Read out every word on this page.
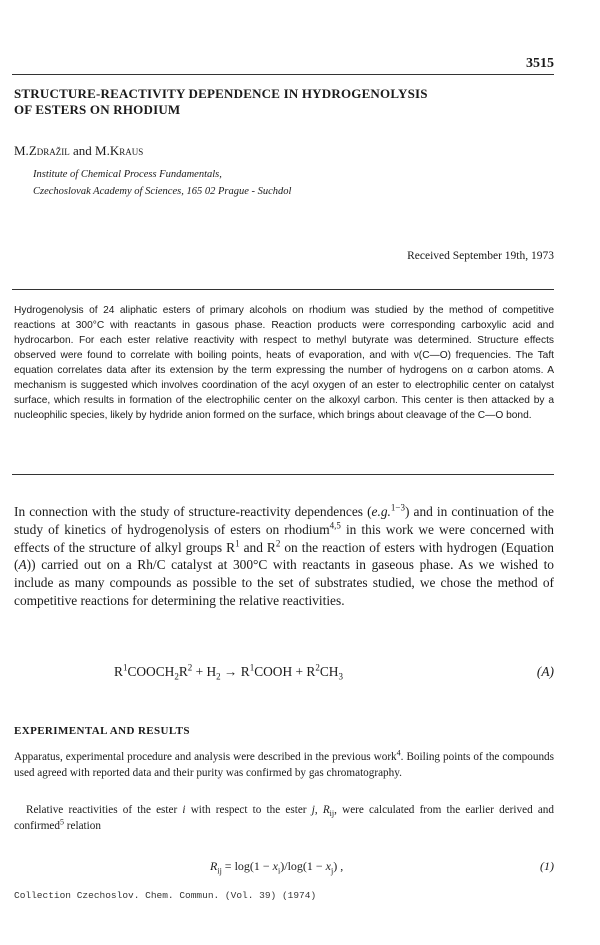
3515
STRUCTURE-REACTIVITY DEPENDENCE IN HYDROGENOLYSIS
OF ESTERS ON RHODIUM
M.Zdražil and M.Kraus
Institute of Chemical Process Fundamentals,
Czechoslovak Academy of Sciences, 165 02 Prague - Suchdol
Received September 19th, 1973
Hydrogenolysis of 24 aliphatic esters of primary alcohols on rhodium was studied by the method of competitive reactions at 300°C with reactants in gasous phase. Reaction products were corresponding carboxylic acid and hydrocarbon. For each ester relative reactivity with respect to methyl butyrate was determined. Structure effects observed were found to correlate with boiling points, heats of evaporation, and with ν(C—O) frequencies. The Taft equation correlates data after its extension by the term expressing the number of hydrogens on α carbon atoms. A mechanism is suggested which involves coordination of the acyl oxygen of an ester to electrophilic center on catalyst surface, which results in formation of the electrophilic center on the alkoxyl carbon. This center is then attacked by a nucleophilic species, likely by hydride anion formed on the surface, which brings about cleavage of the C—O bond.
In connection with the study of structure-reactivity dependences (e.g.$^{1-3}$) and in continuation of the study of kinetics of hydrogenolysis of esters on rhodium$^{4,5}$ in this work we were concerned with effects of the structure of alkyl groups $R^1$ and $R^2$ on the reaction of esters with hydrogen (Equation (A)) carried out on a Rh/C catalyst at 300°C with reactants in gaseous phase. As we wished to include as many compounds as possible to the set of substrates studied, we chose the method of competitive reactions for determining the relative reactivities.
$R^1COOCH_2R^2 + H_2$ → $R^1COOH + R^2CH_3$	(A)
EXPERIMENTAL AND RESULTS
Apparatus, experimental procedure and analysis were described in the previous work$^4$. Boiling points of the compounds used agreed with reported data and their purity was confirmed by gas chromatography.
Relative reactivities of the ester i with respect to the ester j, $R_{ij}$, were calculated from the earlier derived and confirmed$^5$ relation
$R_{ij} = \log(1 - x_i)/\log(1 - x_j)$ ,	(1)
Collection Czechoslov. Chem. Commun. (Vol. 39) (1974)
